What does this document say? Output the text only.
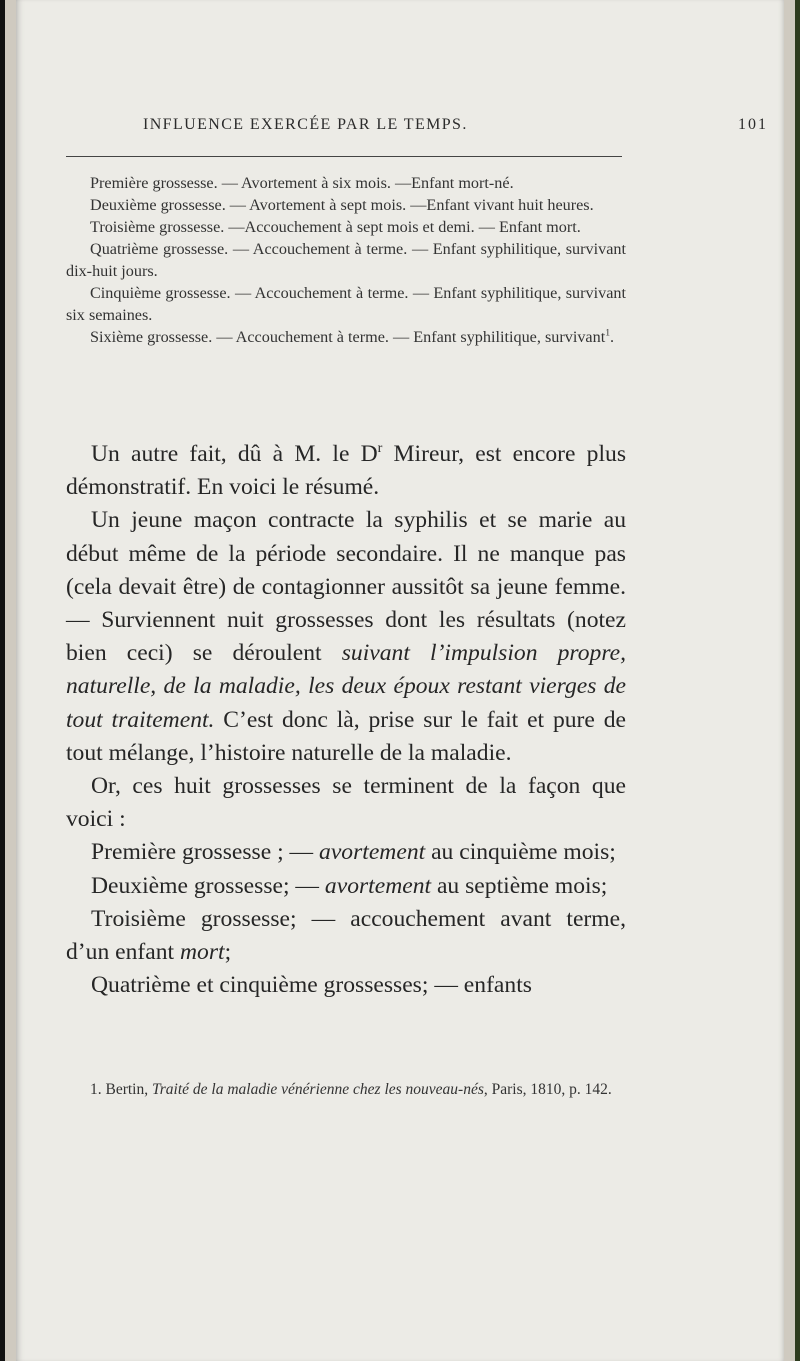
INFLUENCE EXERCÉE PAR LE TEMPS.	101

Première grossesse. — Avortement à six mois. —Enfant mort-né.

Deuxième grossesse. — Avortement à sept mois. —Enfant vivant huit heures.

Troisième grossesse. —Accouchement à sept mois et demi. — Enfant mort.

Quatrième grossesse. — Accouchement à terme. — Enfant syphilitique, survivant dix-huit jours.

Cinquième grossesse. — Accouchement à terme. — Enfant syphilitique, survivant six semaines.

Sixième grossesse. — Accouchement à terme. — Enfant syphilitique, survivant$^1$.

Un autre fait, dû à M. le $D^r$ Mireur, est encore plus démonstratif. En voici le résumé.

Un jeune maçon contracte la syphilis et se marie au début même de la période secondaire. Il ne manque pas (cela devait être) de contagionner aussitôt sa jeune femme. — Surviennent nuit grossesses dont les résultats (notez bien ceci) se déroulent suivant l’impulsion propre, naturelle, de la maladie, les deux époux restant vierges de tout traitement. C’est donc là, prise sur le fait et pure de tout mélange, l’histoire naturelle de la maladie.

Or, ces huit grossesses se terminent de la façon que voici :

Première grossesse ; — avortement au cinquième mois;

Deuxième grossesse; — avortement au septième mois;

Troisième grossesse; — accouchement avant terme, d’un enfant mort;

Quatrième et cinquième grossesses; — enfants

1. Bertin, Traité de la maladie vénérienne chez les nouveau-nés, Paris, 1810, p. 142.
